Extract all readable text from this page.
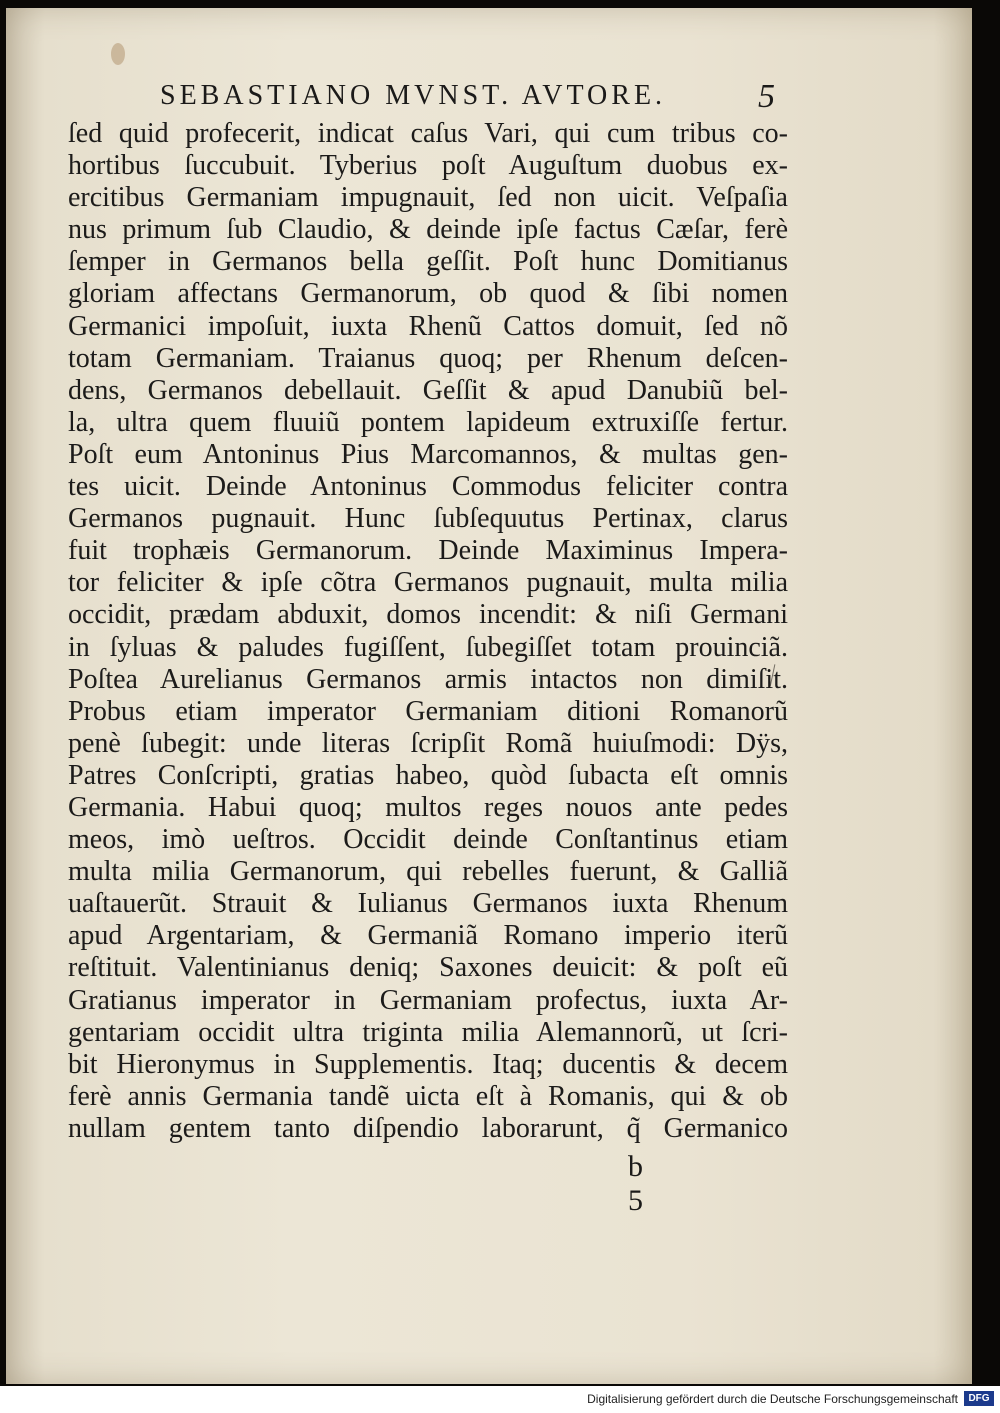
SEBASTIANO MVNST. AVTORE.	5
ſed quid profecerit, indicat caſus Vari, qui cum tribus co-
hortibus ſuccubuit. Tyberius poſt Auguſtum duobus ex-
ercitibus Germaniam impugnauit, ſed non uicit. Veſpaſia
nus primum ſub Claudio, & deinde ipſe factus Cæſar, ferè
ſemper in Germanos bella geſſit. Poſt hunc Domitianus
gloriam affectans Germanorum, ob quod & ſibi nomen
Germanici impoſuit, iuxta Rhenũ Cattos domuit, ſed nõ
totam Germaniam. Traianus quoq; per Rhenum deſcen-
dens, Germanos debellauit. Geſſit & apud Danubiũ bel-
la, ultra quem fluuiũ pontem lapideum extruxiſſe fertur.
Poſt eum Antoninus Pius Marcomannos, & multas gen-
tes uicit. Deinde Antoninus Commodus feliciter contra
Germanos pugnauit. Hunc ſubſequutus Pertinax, clarus
fuit trophæis Germanorum. Deinde Maximinus Impera-
tor feliciter & ipſe cõtra Germanos pugnauit, multa milia
occidit, prædam abduxit, domos incendit: & niſi Germani
in ſyluas & paludes fugiſſent, ſubegiſſet totam prouinciã.
Poſtea Aurelianus Germanos armis intactos non dimiſit.
Probus etiam imperator Germaniam ditioni Romanorũ
penè ſubegit: unde literas ſcripſit Romã huiuſmodi: Dÿs,
Patres Conſcripti, gratias habeo, quòd ſubacta eſt omnis
Germania. Habui quoq; multos reges nouos ante pedes
meos, imò ueſtros. Occidit deinde Conſtantinus etiam
multa milia Germanorum, qui rebelles fuerunt, & Galliã
uaſtauerũt. Strauit & Iulianus Germanos iuxta Rhenum
apud Argentariam, & Germaniã Romano imperio iterũ
reſtituit. Valentinianus deniq; Saxones deuicit: & poſt eũ
Gratianus imperator in Germaniam profectus, iuxta Ar-
gentariam occidit ultra triginta milia Alemannorũ, ut ſcri-
bit Hieronymus in Supplementis. Itaq; ducentis & decem
ferè annis Germania tandẽ uicta eſt à Romanis, qui & ob
nullam gentem tanto diſpendio laborarunt, q̃ Germanico
b 5
Digitalisierung gefördert durch die Deutsche Forschungsgemeinschaft	DFG
